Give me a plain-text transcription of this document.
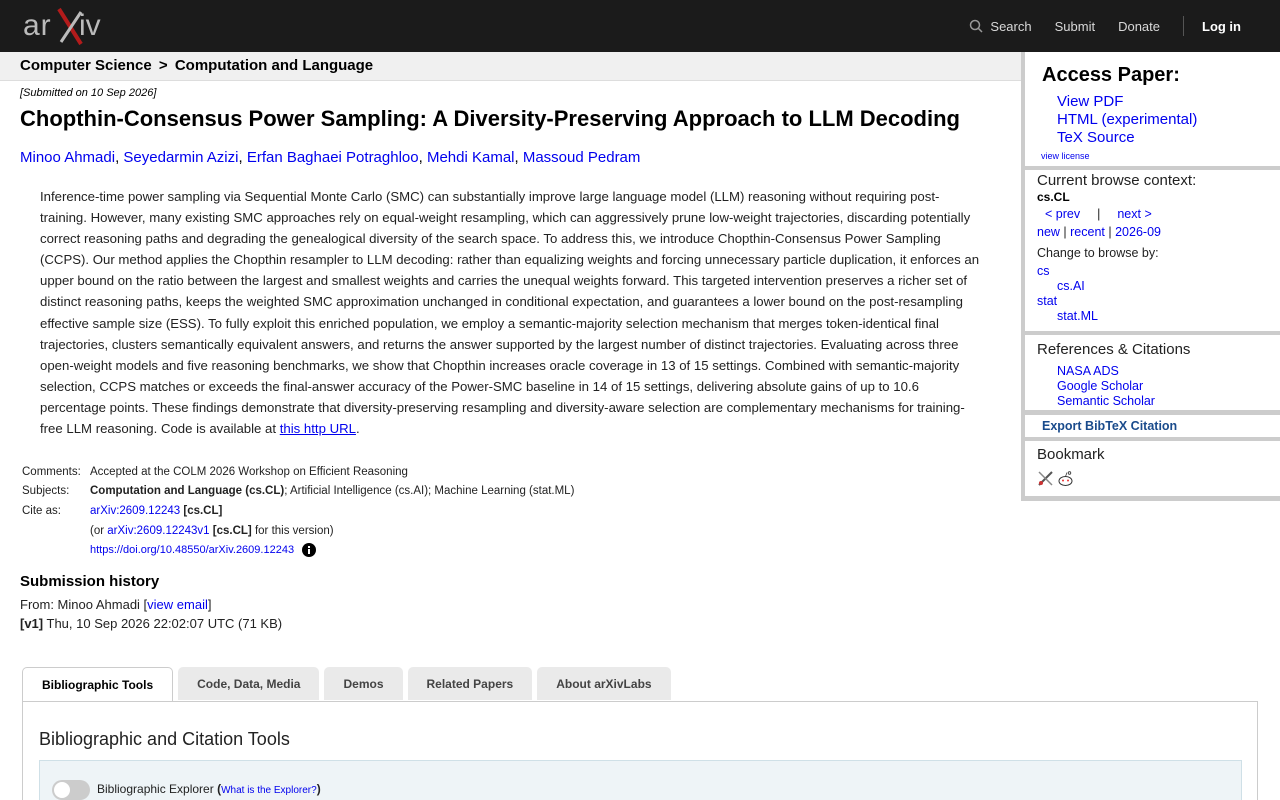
ar iv	Search Submit Donate	Log in
Computer Science > Computation and Language
[Submitted on 10 Sep 2026]
Chopthin-Consensus Power Sampling: A Diversity-Preserving Approach to LLM Decoding
Minoo Ahmadi, Seyedarmin Azizi, Erfan Baghaei Potraghloo, Mehdi Kamal, Massoud Pedram
Inference-time power sampling via Sequential Monte Carlo (SMC) can substantially improve large language model (LLM) reasoning without requiring post-training. However, many existing SMC approaches rely on equal-weight resampling, which can aggressively prune low-weight trajectories, discarding potentially correct reasoning paths and degrading the genealogical diversity of the search space. To address this, we introduce Chopthin-Consensus Power Sampling (CCPS). Our method applies the Chopthin resampler to LLM decoding: rather than equalizing weights and forcing unnecessary particle duplication, it enforces an upper bound on the ratio between the largest and smallest weights and carries the unequal weights forward. This targeted intervention preserves a richer set of distinct reasoning paths, keeps the weighted SMC approximation unchanged in conditional expectation, and guarantees a lower bound on the post-resampling effective sample size (ESS). To fully exploit this enriched population, we employ a semantic-majority selection mechanism that merges token-identical final trajectories, clusters semantically equivalent answers, and returns the answer supported by the largest number of distinct trajectories. Evaluating across three open-weight models and five reasoning benchmarks, we show that Chopthin increases oracle coverage in 13 of 15 settings. Combined with semantic-majority selection, CCPS matches or exceeds the final-answer accuracy of the Power-SMC baseline in 14 of 15 settings, delivering absolute gains of up to 10.6 percentage points. These findings demonstrate that diversity-preserving resampling and diversity-aware selection are complementary mechanisms for training-free LLM reasoning. Code is available at this http URL.
Comments: Accepted at the COLM 2026 Workshop on Efficient Reasoning
Subjects:	Computation and Language (cs.CL); Artificial Intelligence (cs.AI); Machine Learning (stat.ML)
Cite as:	arXiv:2609.12243 [cs.CL]
(or arXiv:2609.12243v1 [cs.CL] for this version)
https://doi.org/10.48550/arXiv.2609.12243
Submission history
From: Minoo Ahmadi [view email]
[v1] Thu, 10 Sep 2026 22:02:07 UTC (71 KB)
Bibliographic Tools	Code, Data, Media	Demos	Related Papers	About arXivLabs
Bibliographic and Citation Tools
Bibliographic Explorer (What is the Explorer?)
Access Paper:
View PDF
HTML (experimental)
TeX Source
view license
Current browse context:
cs.CL
< prev | next >
new | recent | 2026-09
Change to browse by:
cs
cs.AI
stat
stat.ML
References & Citations
NASA ADS
Google Scholar
Semantic Scholar
Export BibTeX Citation
Bookmark
